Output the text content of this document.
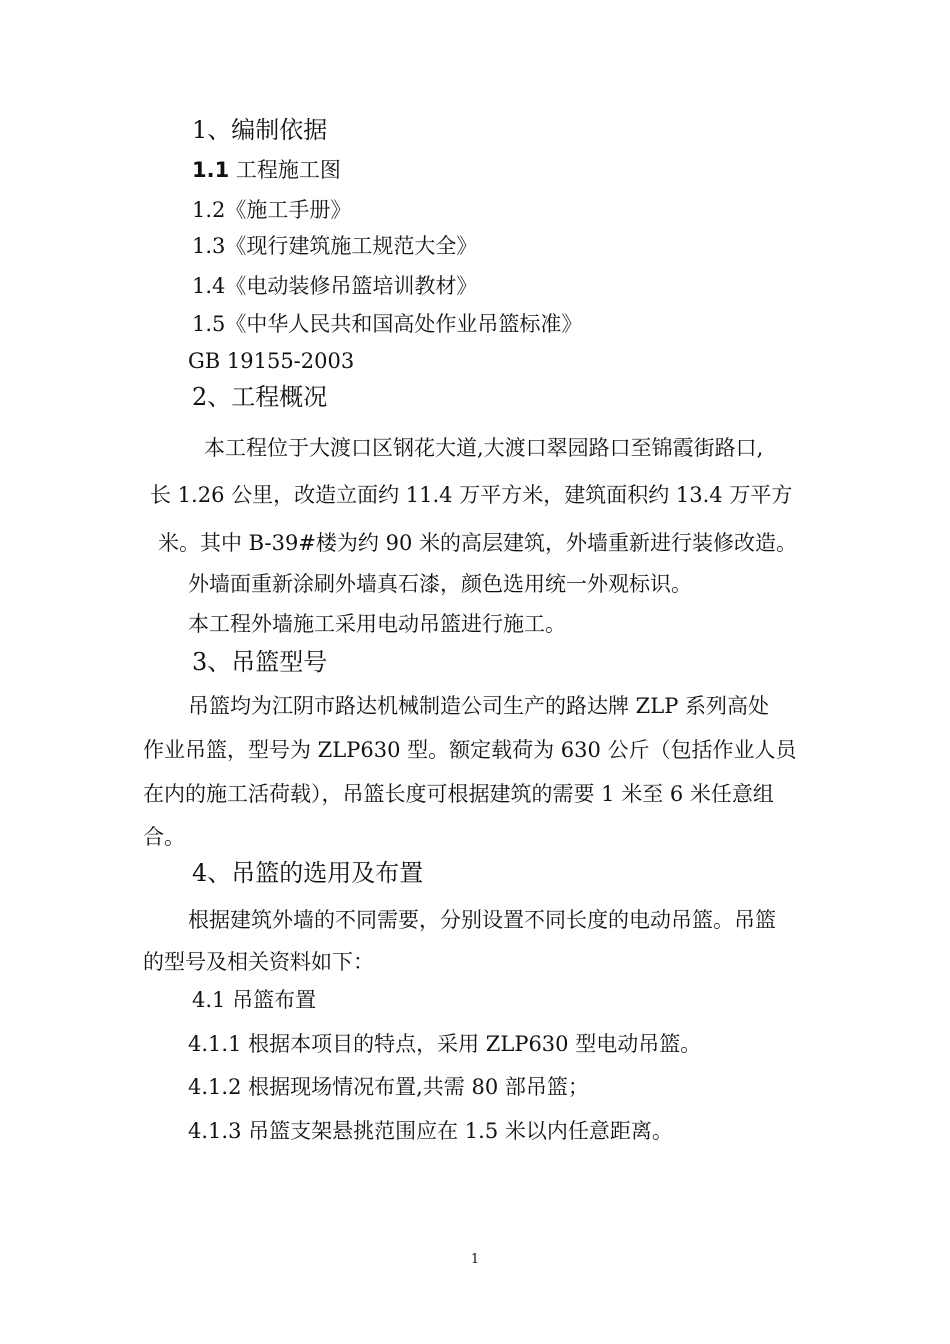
1、编制依据
1.1 工程施工图
1.2《施工手册》
1.3《现行建筑施工规范大全》
1.4《电动装修吊篮培训教材》
1.5《中华人民共和国高处作业吊篮标准》
GB 19155-2003
2、工程概况
本工程位于大渡口区钢花大道,大渡口翠园路口至锦霞街路口,
长 1.26 公里，改造立面约 11.4 万平方米，建筑面积约 13.4 万平方
米。其中 B-39#楼为约 90 米的高层建筑，外墙重新进行装修改造。
外墙面重新涂刷外墙真石漆，颜色选用统一外观标识。
本工程外墙施工采用电动吊篮进行施工。
3、吊篮型号
吊篮均为江阴市路达机械制造公司生产的路达牌 ZLP 系列高处
作业吊篮，型号为 ZLP630 型。额定载荷为 630 公斤（包括作业人员
在内的施工活荷载），吊篮长度可根据建筑的需要 1 米至 6 米任意组
合。
4、吊篮的选用及布置
根据建筑外墙的不同需要，分别设置不同长度的电动吊篮。吊篮
的型号及相关资料如下：
4.1 吊篮布置
4.1.1 根据本项目的特点，采用 ZLP630 型电动吊篮。
4.1.2 根据现场情况布置,共需 80 部吊篮；
4.1.3 吊篮支架悬挑范围应在 1.5 米以内任意距离。
1
